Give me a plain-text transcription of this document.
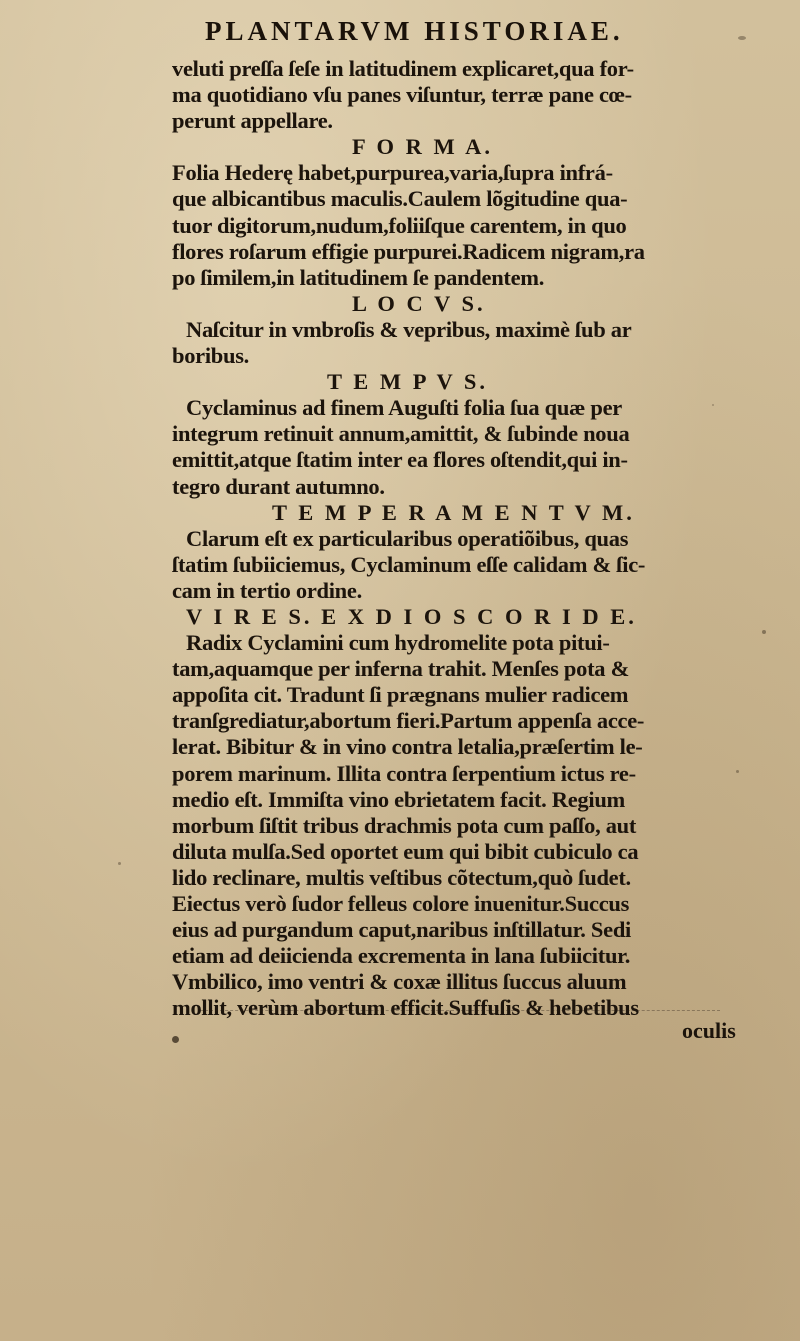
PLANTARVM HISTORIAE.
veluti preſſa ſeſe in latitudinem explicaret,qua for-
ma quotidiano vſu panes viſuntur, terræ pane cœ-
perunt appellare.
F O R M A.
Folia Hederę habet,purpurea,varia,ſupra infrá-
que albicantibus maculis.Caulem lõgitudine qua-
tuor digitorum,nudum,foliiſque carentem, in quo
flores roſarum effigie purpurei.Radicem nigram,ra
po ſimilem,in latitudinem ſe pandentem.
L O C V S.
Naſcitur in vmbroſis & vepribus, maximè ſub ar
boribus.
T E M P V S.
Cyclaminus ad finem Auguſti folia ſua quæ per
integrum retinuit annum,amittit, & ſubinde noua
emittit,atque ſtatim inter ea flores oſtendit,qui in-
tegro durant autumno.
T E M P E R A M E N T V M.
Clarum eſt ex particularibus operatiõibus, quas
ſtatim ſubiiciemus, Cyclaminum eſſe calidam & ſic-
cam in tertio ordine.
V I R E S. E X D I O S C O R I D E.
Radix Cyclamini cum hydromelite pota pitui-
tam,aquamque per inferna trahit. Menſes pota &
appoſita cit. Tradunt ſi prægnans mulier radicem
tranſgrediatur,abortum fieri.Partum appenſa acce-
lerat. Bibitur & in vino contra letalia,præſertim le-
porem marinum. Illita contra ſerpentium ictus re-
medio eſt. Immiſta vino ebrietatem facit. Regium
morbum ſiſtit tribus drachmis pota cum paſſo, aut
diluta mulſa.Sed oportet eum qui bibit cubiculo ca
lido reclinare, multis veſtibus cõtectum,quò ſudet.
Eiectus verò ſudor felleus colore inuenitur.Succus
eius ad purgandum caput,naribus inſtillatur. Sedi
etiam ad deiicienda excrementa in lana ſubiicitur.
Vmbilico, imo ventri & coxæ illitus ſuccus aluum
mollit, verùm abortum efficit.Suffuſis & hebetibus
oculis
